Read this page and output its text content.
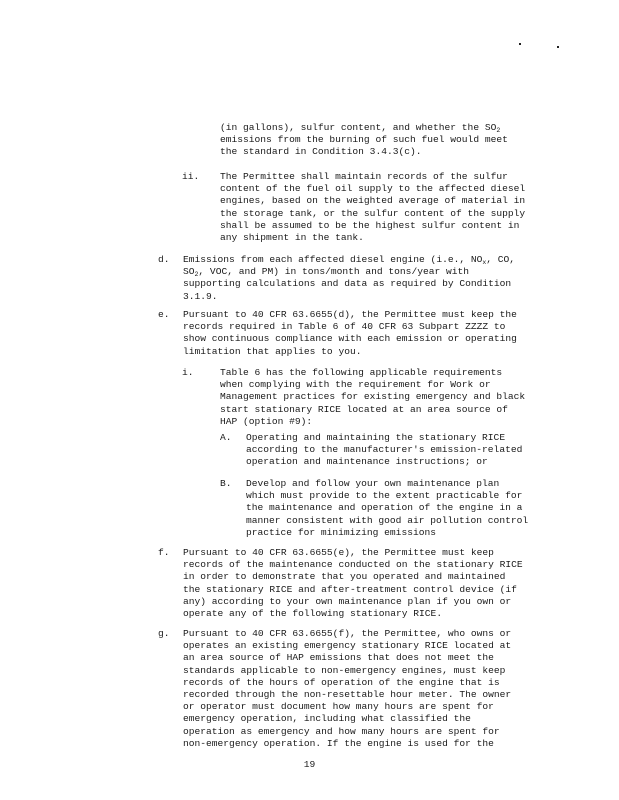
(in gallons), sulfur content, and whether the $SO_2$
emissions from the burning of such fuel would meet
the standard in Condition 3.4.3(c).
ii. The Permittee shall maintain records of the sulfur
content of the fuel oil supply to the affected diesel
engines, based on the weighted average of material in
the storage tank, or the sulfur content of the supply
shall be assumed to be the highest sulfur content in
any shipment in the tank.
d. Emissions from each affected diesel engine (i.e., $NO_x$, CO,
$SO_2$, VOC, and PM) in tons/month and tons/year with
supporting calculations and data as required by Condition
3.1.9.
e. Pursuant to 40 CFR 63.6655(d), the Permittee must keep the
records required in Table 6 of 40 CFR 63 Subpart ZZZZ to
show continuous compliance with each emission or operating
limitation that applies to you.
i.	Table 6 has the following applicable requirements
when complying with the requirement for Work or
Management practices for existing emergency and black
start stationary RICE located at an area source of
HAP (option #9):
A. Operating and maintaining the stationary RICE
according to the manufacturer's emission-related
operation and maintenance instructions; or
B. Develop and follow your own maintenance plan
which must provide to the extent practicable for
the maintenance and operation of the engine in a
manner consistent with good air pollution control
practice for minimizing emissions
f. Pursuant to 40 CFR 63.6655(e), the Permittee must keep
records of the maintenance conducted on the stationary RICE
in order to demonstrate that you operated and maintained
the stationary RICE and after-treatment control device (if
any) according to your own maintenance plan if you own or
operate any of the following stationary RICE.
g. Pursuant to 40 CFR 63.6655(f), the Permittee, who owns or
operates an existing emergency stationary RICE located at
an area source of HAP emissions that does not meet the
standards applicable to non-emergency engines, must keep
records of the hours of operation of the engine that is
recorded through the non-resettable hour meter. The owner
or operator must document how many hours are spent for
emergency operation, including what classified the
operation as emergency and how many hours are spent for
non-emergency operation. If the engine is used for the
19
